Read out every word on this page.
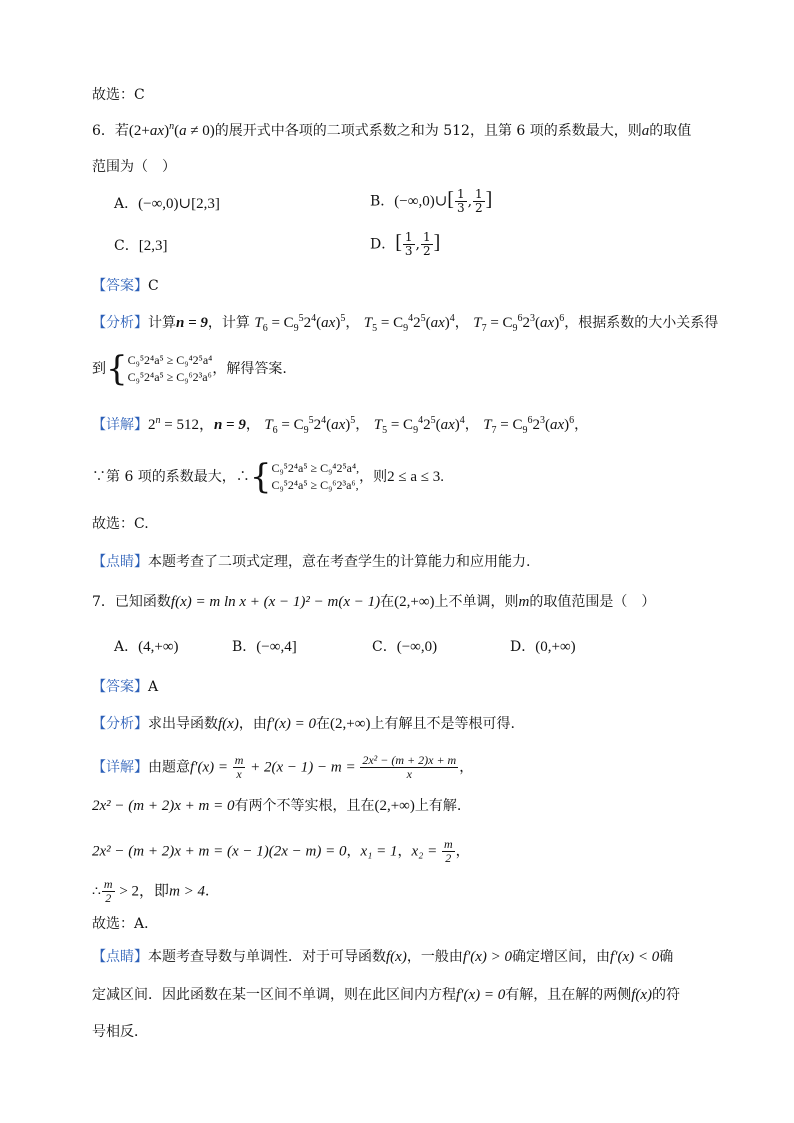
故选：C
6．若$(2+ax)^n(a \ne 0)$的展开式中各项的二项式系数之和为 512，且第 6 项的系数最大，则a的取值
范围为（　）
A．(−∞,0)∪[2,3]	B．(−∞,0)∪[ $\frac{1}{3}$ , $\frac{1}{2}$ ]
C．[2,3]	D．[ $\frac{1}{3}$ , $\frac{1}{2}$ ]
【答案】C
【分析】计算n = 9，计算 $T_6 = C_9^52^4(ax)^5$， $T_5 = C_9^42^5(ax)^4$， $T_7 = C_9^62^3(ax)^6$，根据系数的大小关系得
到 { C₉⁵2⁴a⁵ ≥ C₉⁴2⁵a⁴
C₉⁵2⁴a⁵ ≥ C₉⁶2³a⁶ ，解得答案.
【详解】$2^n = 512$，n = 9， $T_6 = C_9^52^4(ax)^5$， $T_5 = C_9^42^5(ax)^4$， $T_7 = C_9^62^3(ax)^6$，
∵第 6 项的系数最大，∴ { C₉⁵2⁴a⁵ ≥ C₉⁴2⁵a⁴,
C₉⁵2⁴a⁵ ≥ C₉⁶2³a⁶, ，则2 ≤ a ≤ 3.
故选：C.
【点睛】本题考查了二项式定理，意在考查学生的计算能力和应用能力.
7．已知函数f(x) = m ln x + (x − 1)² − m(x − 1)在(2,+∞)上不单调，则m的取值范围是（　）
A．(4,+∞)	B．(−∞,4]	C．(−∞,0)	D．(0,+∞)
【答案】A
【分析】求出导函数f(x)，由f′(x) = 0在(2,+∞)上有解且不是等根可得.
【详解】由题意$f'(x) = \frac{m}{x} + 2(x - 1) - m = \frac{\text{2x² − (m + 2)x + m}}{x}$ ，
2x² − (m + 2)x + m = 0有两个不等实根，且在(2,+∞)上有解.
2x² − (m + 2)x + m = (x − 1)(2x − m) = 0，x₁ = 1，$x_2 = \frac{m}{2}$ ，
∴ $\frac{m}{2} > 2$，即m > 4．
故选：A．
【点睛】本题考查导数与单调性．对于可导函数f(x)，一般由f′(x) > 0确定增区间，由f′(x) < 0确
定减区间．因此函数在某一区间不单调，则在此区间内方程f′(x) = 0有解，且在解的两侧f(x)的符
号相反．
